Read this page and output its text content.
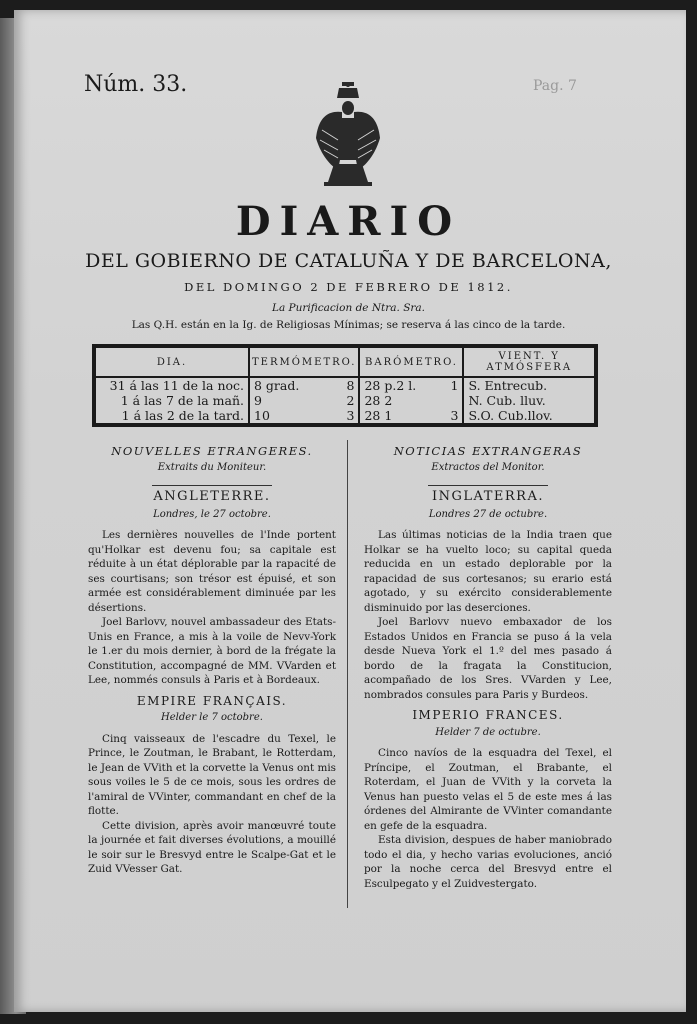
Núm. 33.	Pag. 7
DIARIO
DEL GOBIERNO DE CATALUÑA Y DE BARCELONA,
DEL DOMINGO 2 DE FEBRERO DE 1812.
La Purificacion de Ntra. Sra.
Las Q.H. están en la Ig. de Religiosas Mínimas; se reserva á las cinco de la tarde.
DIA.	TERMÓMETRO.	BARÓMETRO.	VIENT. Y ATMÓSFERA
31 á las 11 de la noc.	8 grad. 8	28 p.2 l. 1	S. Entrecub.
1 á las 7 de la mañ.	9 2	28 2	N. Cub. lluv.
1 á las 2 de la tard.	10 3	28 1 3	S.O. Cub.llov.
NOUVELLES ETRANGERES.
Extraits du Moniteur.
ANGLETERRE.
Londres, le 27 octobre.

Les dernières nouvelles de l'Inde portent qu'Holkar est devenu fou; sa capitale est réduite à un état déplorable par la rapacité de ses courtisans; son trésor est épuisé, et son armée est considérablement diminuée par les désertions.

Joel Barlovv, nouvel ambassadeur des Etats-Unis en France, a mis à la voile de Nevv-York le 1.er du mois dernier, à bord de la frégate la Constitution, accompagné de MM. VVarden et Lee, nommés consuls à Paris et à Bordeaux.

EMPIRE FRANÇAIS.
Helder le 7 octobre.

Cinq vaisseaux de l'escadre du Texel, le Prince, le Zoutman, le Brabant, le Rotterdam, le Jean de VVith et la corvette la Venus ont mis sous voiles le 5 de ce mois, sous les ordres de l'amiral de VVinter, commandant en chef de la flotte.

Cette division, après avoir manœuvré toute la journée et fait diverses évolutions, a mouillé le soir sur le Bresvyd entre le Scalpe-Gat et le Zuid VVesser Gat.

NOTICIAS EXTRANGERAS
Extractos del Monitor.
INGLATERRA.
Londres 27 de octubre.

Las últimas noticias de la India traen que Holkar se ha vuelto loco; su capital queda reducida en un estado deplorable por la rapacidad de sus cortesanos; su erario está agotado, y su exército considerablemente disminuido por las deserciones.

Joel Barlovv nuevo embaxador de los Estados Unidos en Francia se puso á la vela desde Nueva York el 1.º del mes pasado á bordo de la fragata la Constitucion, acompañado de los Sres. VVarden y Lee, nombrados consules para Paris y Burdeos.

IMPERIO FRANCES.
Helder 7 de octubre.

Cinco navíos de la esquadra del Texel, el Príncipe, el Zoutman, el Brabante, el Roterdam, el Juan de VVith y la corveta la Venus han puesto velas el 5 de este mes á las órdenes del Almirante de VVinter comandante en gefe de la esquadra.

Esta division, despues de haber maniobrado todo el dia, y hecho varias evoluciones, anció por la noche cerca del Bresvyd entre el Esculpegato y el Zuidvestergato.
